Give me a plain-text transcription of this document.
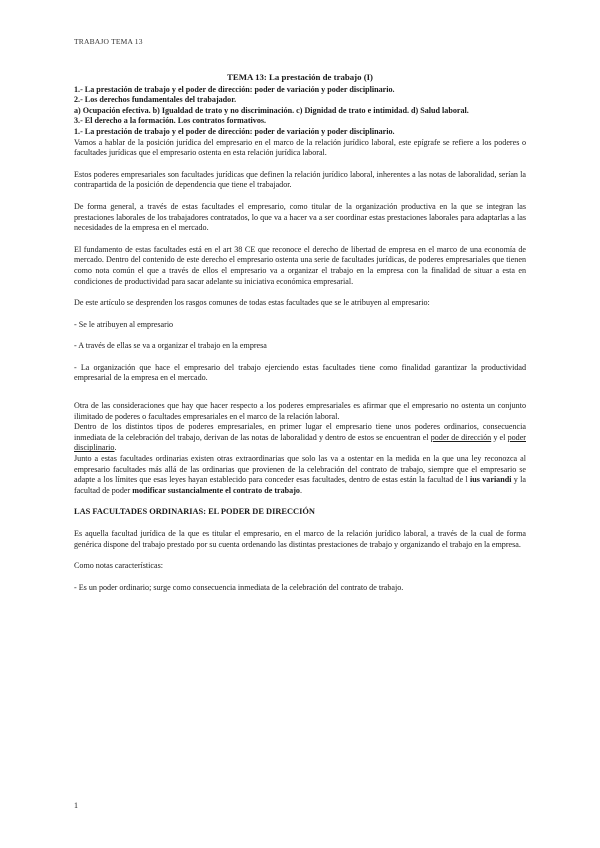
TRABAJO TEMA 13
TEMA 13: La prestación de trabajo (I)
1.- La prestación de trabajo y el poder de dirección: poder de variación y poder disciplinario.
2.- Los derechos fundamentales del trabajador.
a) Ocupación efectiva. b) Igualdad de trato y no discriminación. c) Dignidad de trato e intimidad. d) Salud laboral.
3.- El derecho a la formación. Los contratos formativos.
1.- La prestación de trabajo y el poder de dirección: poder de variación y poder disciplinario.

Vamos a hablar de la posición jurídica del empresario en el marco de la relación jurídico laboral, este epígrafe se refiere a los poderes o facultades jurídicas que el empresario ostenta en esta relación jurídica laboral.

Estos poderes empresariales son facultades jurídicas que definen la relación jurídico laboral, inherentes a las notas de laboralidad, serían la contrapartida de la posición de dependencia que tiene el trabajador.

De forma general, a través de estas facultades el empresario, como titular de la organización productiva en la que se integran las prestaciones laborales de los trabajadores contratados, lo que va a hacer va a ser coordinar estas prestaciones laborales para adaptarlas a las necesidades de la empresa en el mercado.

El fundamento de estas facultades está en el art 38 CE que reconoce el derecho de libertad de empresa en el marco de una economía de mercado. Dentro del contenido de este derecho el empresario ostenta una serie de facultades jurídicas, de poderes empresariales que tienen como nota común el que a través de ellos el empresario va a organizar el trabajo en la empresa con la finalidad de situar a esta en condiciones de productividad para sacar adelante su iniciativa económica empresarial.

De este artículo se desprenden los rasgos comunes de todas estas facultades que se le atribuyen al empresario:

- Se le atribuyen al empresario

- A través de ellas se va a organizar el trabajo en la empresa

- La organización que hace el empresario del trabajo ejerciendo estas facultades tiene como finalidad garantizar la productividad empresarial de la empresa en el mercado.

Otra de las consideraciones que hay que hacer respecto a los poderes empresariales es afirmar que el empresario no ostenta un conjunto ilimitado de poderes o facultades empresariales en el marco de la relación laboral.

Dentro de los distintos tipos de poderes empresariales, en primer lugar el empresario tiene unos poderes ordinarios, consecuencia inmediata de la celebración del trabajo, derivan de las notas de laboralidad y dentro de estos se encuentran el poder de dirección y el poder disciplinario.

Junto a estas facultades ordinarias existen otras extraordinarias que solo las va a ostentar en la medida en la que una ley reconozca al empresario facultades más allá de las ordinarias que provienen de la celebración del contrato de trabajo, siempre que el empresario se adapte a los límites que esas leyes hayan establecido para conceder esas facultades, dentro de estas están la facultad de l ius variandi y la facultad de poder modificar sustancialmente el contrato de trabajo.

LAS FACULTADES ORDINARIAS: EL PODER DE DIRECCIÓN

Es aquella facultad jurídica de la que es titular el empresario, en el marco de la relación jurídico laboral, a través de la cual de forma genérica dispone del trabajo prestado por su cuenta ordenando las distintas prestaciones de trabajo y organizando el trabajo en la empresa.

Como notas características:

- Es un poder ordinario; surge como consecuencia inmediata de la celebración del contrato de trabajo.

1
